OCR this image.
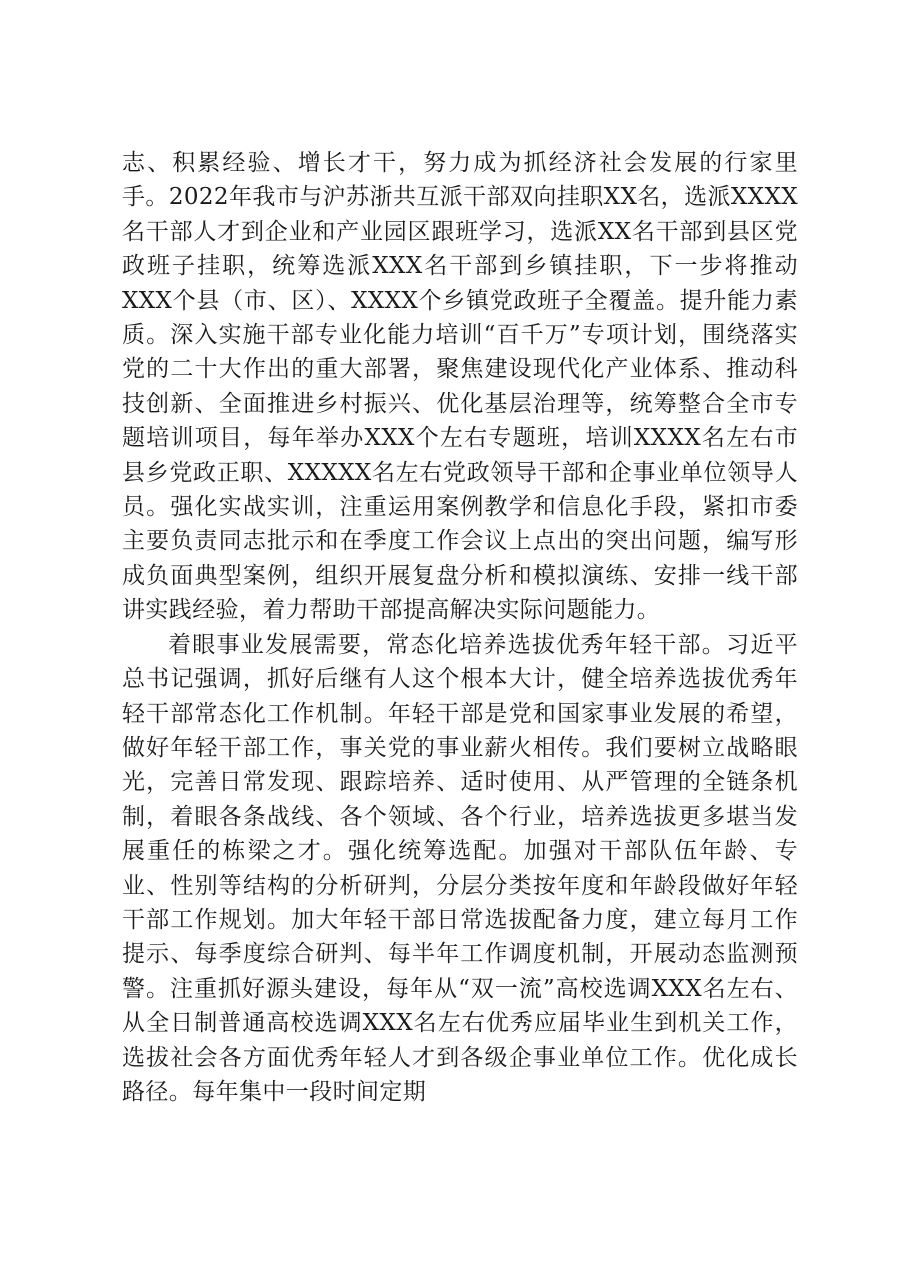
志、积累经验、增长才干，努力成为抓经济社会发展的行家里手。2022年我市与沪苏浙共互派干部双向挂职XX名，选派XXXX名干部人才到企业和产业园区跟班学习，选派XX名干部到县区党政班子挂职，统筹选派XXX名干部到乡镇挂职，下一步将推动XXX个县（市、区）、XXXX个乡镇党政班子全覆盖。提升能力素质。深入实施干部专业化能力培训“百千万”专项计划，围绕落实党的二十大作出的重大部署，聚焦建设现代化产业体系、推动科技创新、全面推进乡村振兴、优化基层治理等，统筹整合全市专题培训项目，每年举办XXX个左右专题班，培训XXXX名左右市县乡党政正职、XXXXX名左右党政领导干部和企事业单位领导人员。强化实战实训，注重运用案例教学和信息化手段，紧扣市委主要负责同志批示和在季度工作会议上点出的突出问题，编写形成负面典型案例，组织开展复盘分析和模拟演练、安排一线干部讲实践经验，着力帮助干部提高解决实际问题能力。

着眼事业发展需要，常态化培养选拔优秀年轻干部。习近平总书记强调，抓好后继有人这个根本大计，健全培养选拔优秀年轻干部常态化工作机制。年轻干部是党和国家事业发展的希望，做好年轻干部工作，事关党的事业薪火相传。我们要树立战略眼光，完善日常发现、跟踪培养、适时使用、从严管理的全链条机制，着眼各条战线、各个领域、各个行业，培养选拔更多堪当发展重任的栋梁之才。强化统筹选配。加强对干部队伍年龄、专业、性别等结构的分析研判，分层分类按年度和年龄段做好年轻干部工作规划。加大年轻干部日常选拔配备力度，建立每月工作提示、每季度综合研判、每半年工作调度机制，开展动态监测预警。注重抓好源头建设，每年从“双一流”高校选调XXX名左右、从全日制普通高校选调XXX名左右优秀应届毕业生到机关工作，选拔社会各方面优秀年轻人才到各级企事业单位工作。优化成长路径。每年集中一段时间定期
